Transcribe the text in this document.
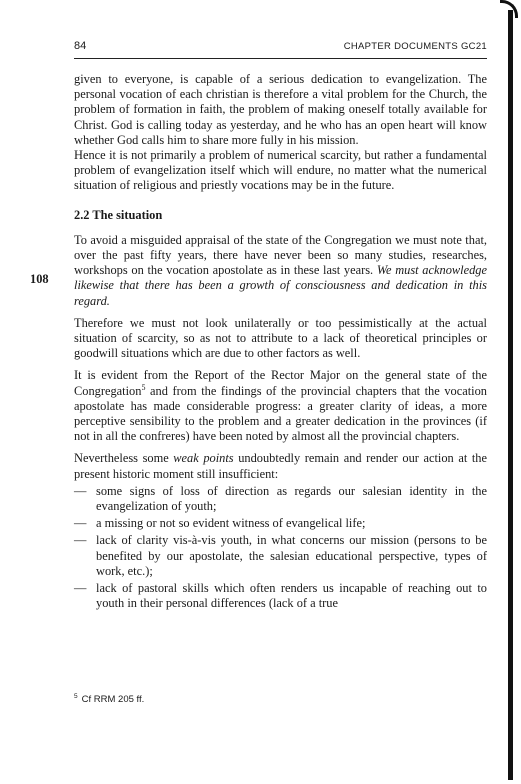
84	CHAPTER DOCUMENTS GC21
108

given to everyone, is capable of a serious dedication to evangelization. The personal vocation of each christian is therefore a vital problem for the Church, the problem of formation in faith, the problem of making oneself totally available for Christ. God is calling today as yesterday, and he who has an open heart will know whether God calls him to share more fully in his mission.

Hence it is not primarily a problem of numerical scarcity, but rather a fundamental problem of evangelization itself which will endure, no matter what the numerical situation of religious and priestly vocations may be in the future.

2.2 The situation

To avoid a misguided appraisal of the state of the Congregation we must note that, over the past fifty years, there have never been so many studies, researches, workshops on the vocation apostolate as in these last years. We must acknowledge likewise that there has been a growth of consciousness and dedication in this regard.

Therefore we must not look unilaterally or too pessimistically at the actual situation of scarcity, so as not to attribute to a lack of theoretical principles or goodwill situations which are due to other factors as well.

It is evident from the Report of the Rector Major on the general state of the Congregation$^5$ and from the findings of the provincial chapters that the vocation apostolate has made considerable progress: a greater clarity of ideas, a more perceptive sensibility to the problem and a greater dedication in the provinces (if not in all the confreres) have been noted by almost all the provincial chapters.

Nevertheless some weak points undoubtedly remain and render our action at the present historic moment still insufficient:

— some signs of loss of direction as regards our salesian identity in the evangelization of youth;
— a missing or not so evident witness of evangelical life;
— lack of clarity vis-à-vis youth, in what concerns our mission (persons to be benefited by our apostolate, the salesian educational perspective, types of work, etc.);
— lack of pastoral skills which often renders us incapable of reaching out to youth in their personal differences (lack of a true
$^5$ Cf RRM 205 ff.
